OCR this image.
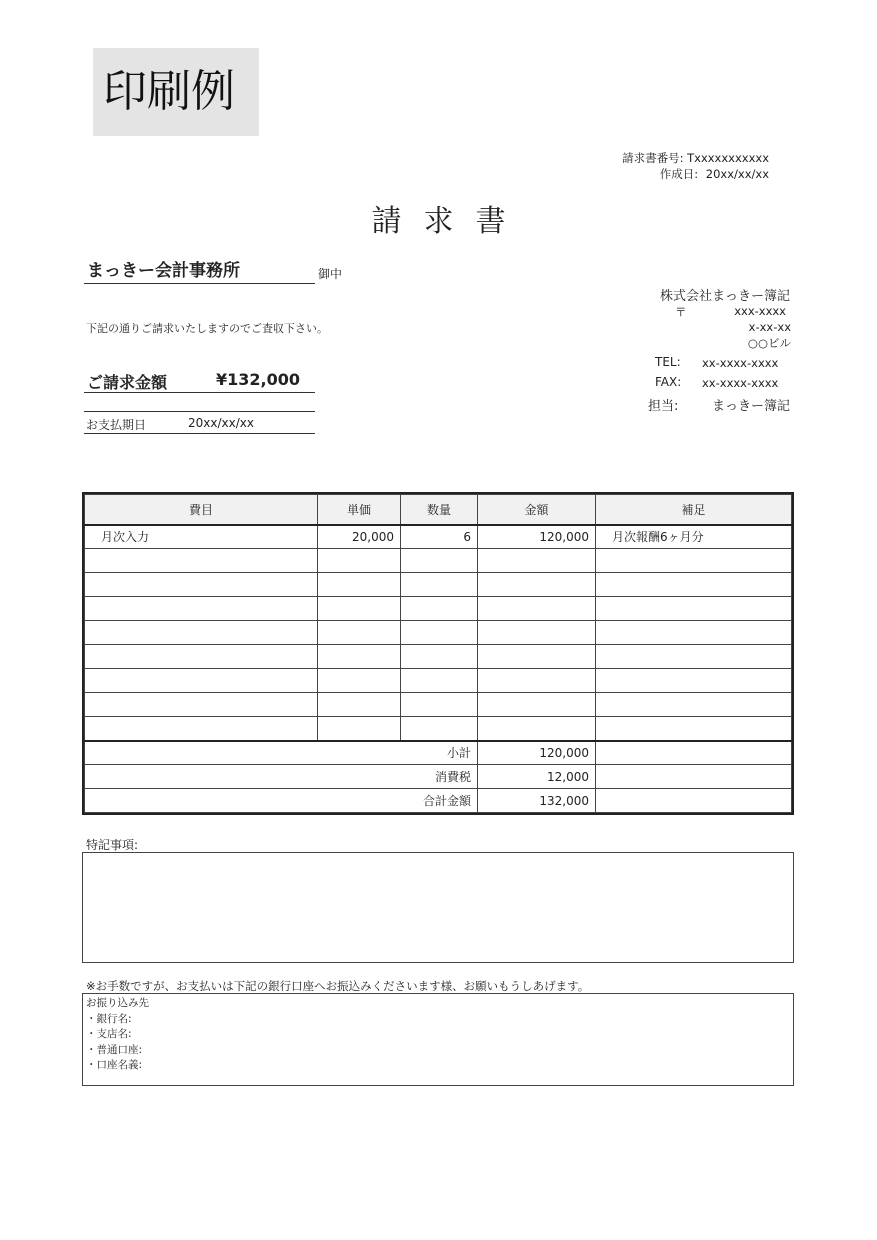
印刷例
請求書番号: Txxxxxxxxxxx
作成日: 20xx/xx/xx
請求書
まっきー会計事務所	御中
下記の通りご請求いたしますのでご査収下さい。
ご請求金額	¥132,000
お支払期日	20xx/xx/xx
株式会社まっきー簿記
〒	xxx-xxxx
x-xx-xx
○○ビル
TEL: xx-xxxx-xxxx
FAX: xx-xxxx-xxxx
担当:	まっきー簿記
費目	単価	数量	金額	補足
月次入力	20,000	6	120,000	月次報酬6ヶ月分

小計			120,000	
消費税			12,000	
合計金額			132,000	
特記事項:
※お手数ですが、お支払いは下記の銀行口座へお振込みくださいます様、お願いもうしあげます。
お振り込み先
・銀行名:
・支店名:
・普通口座:
・口座名義:
